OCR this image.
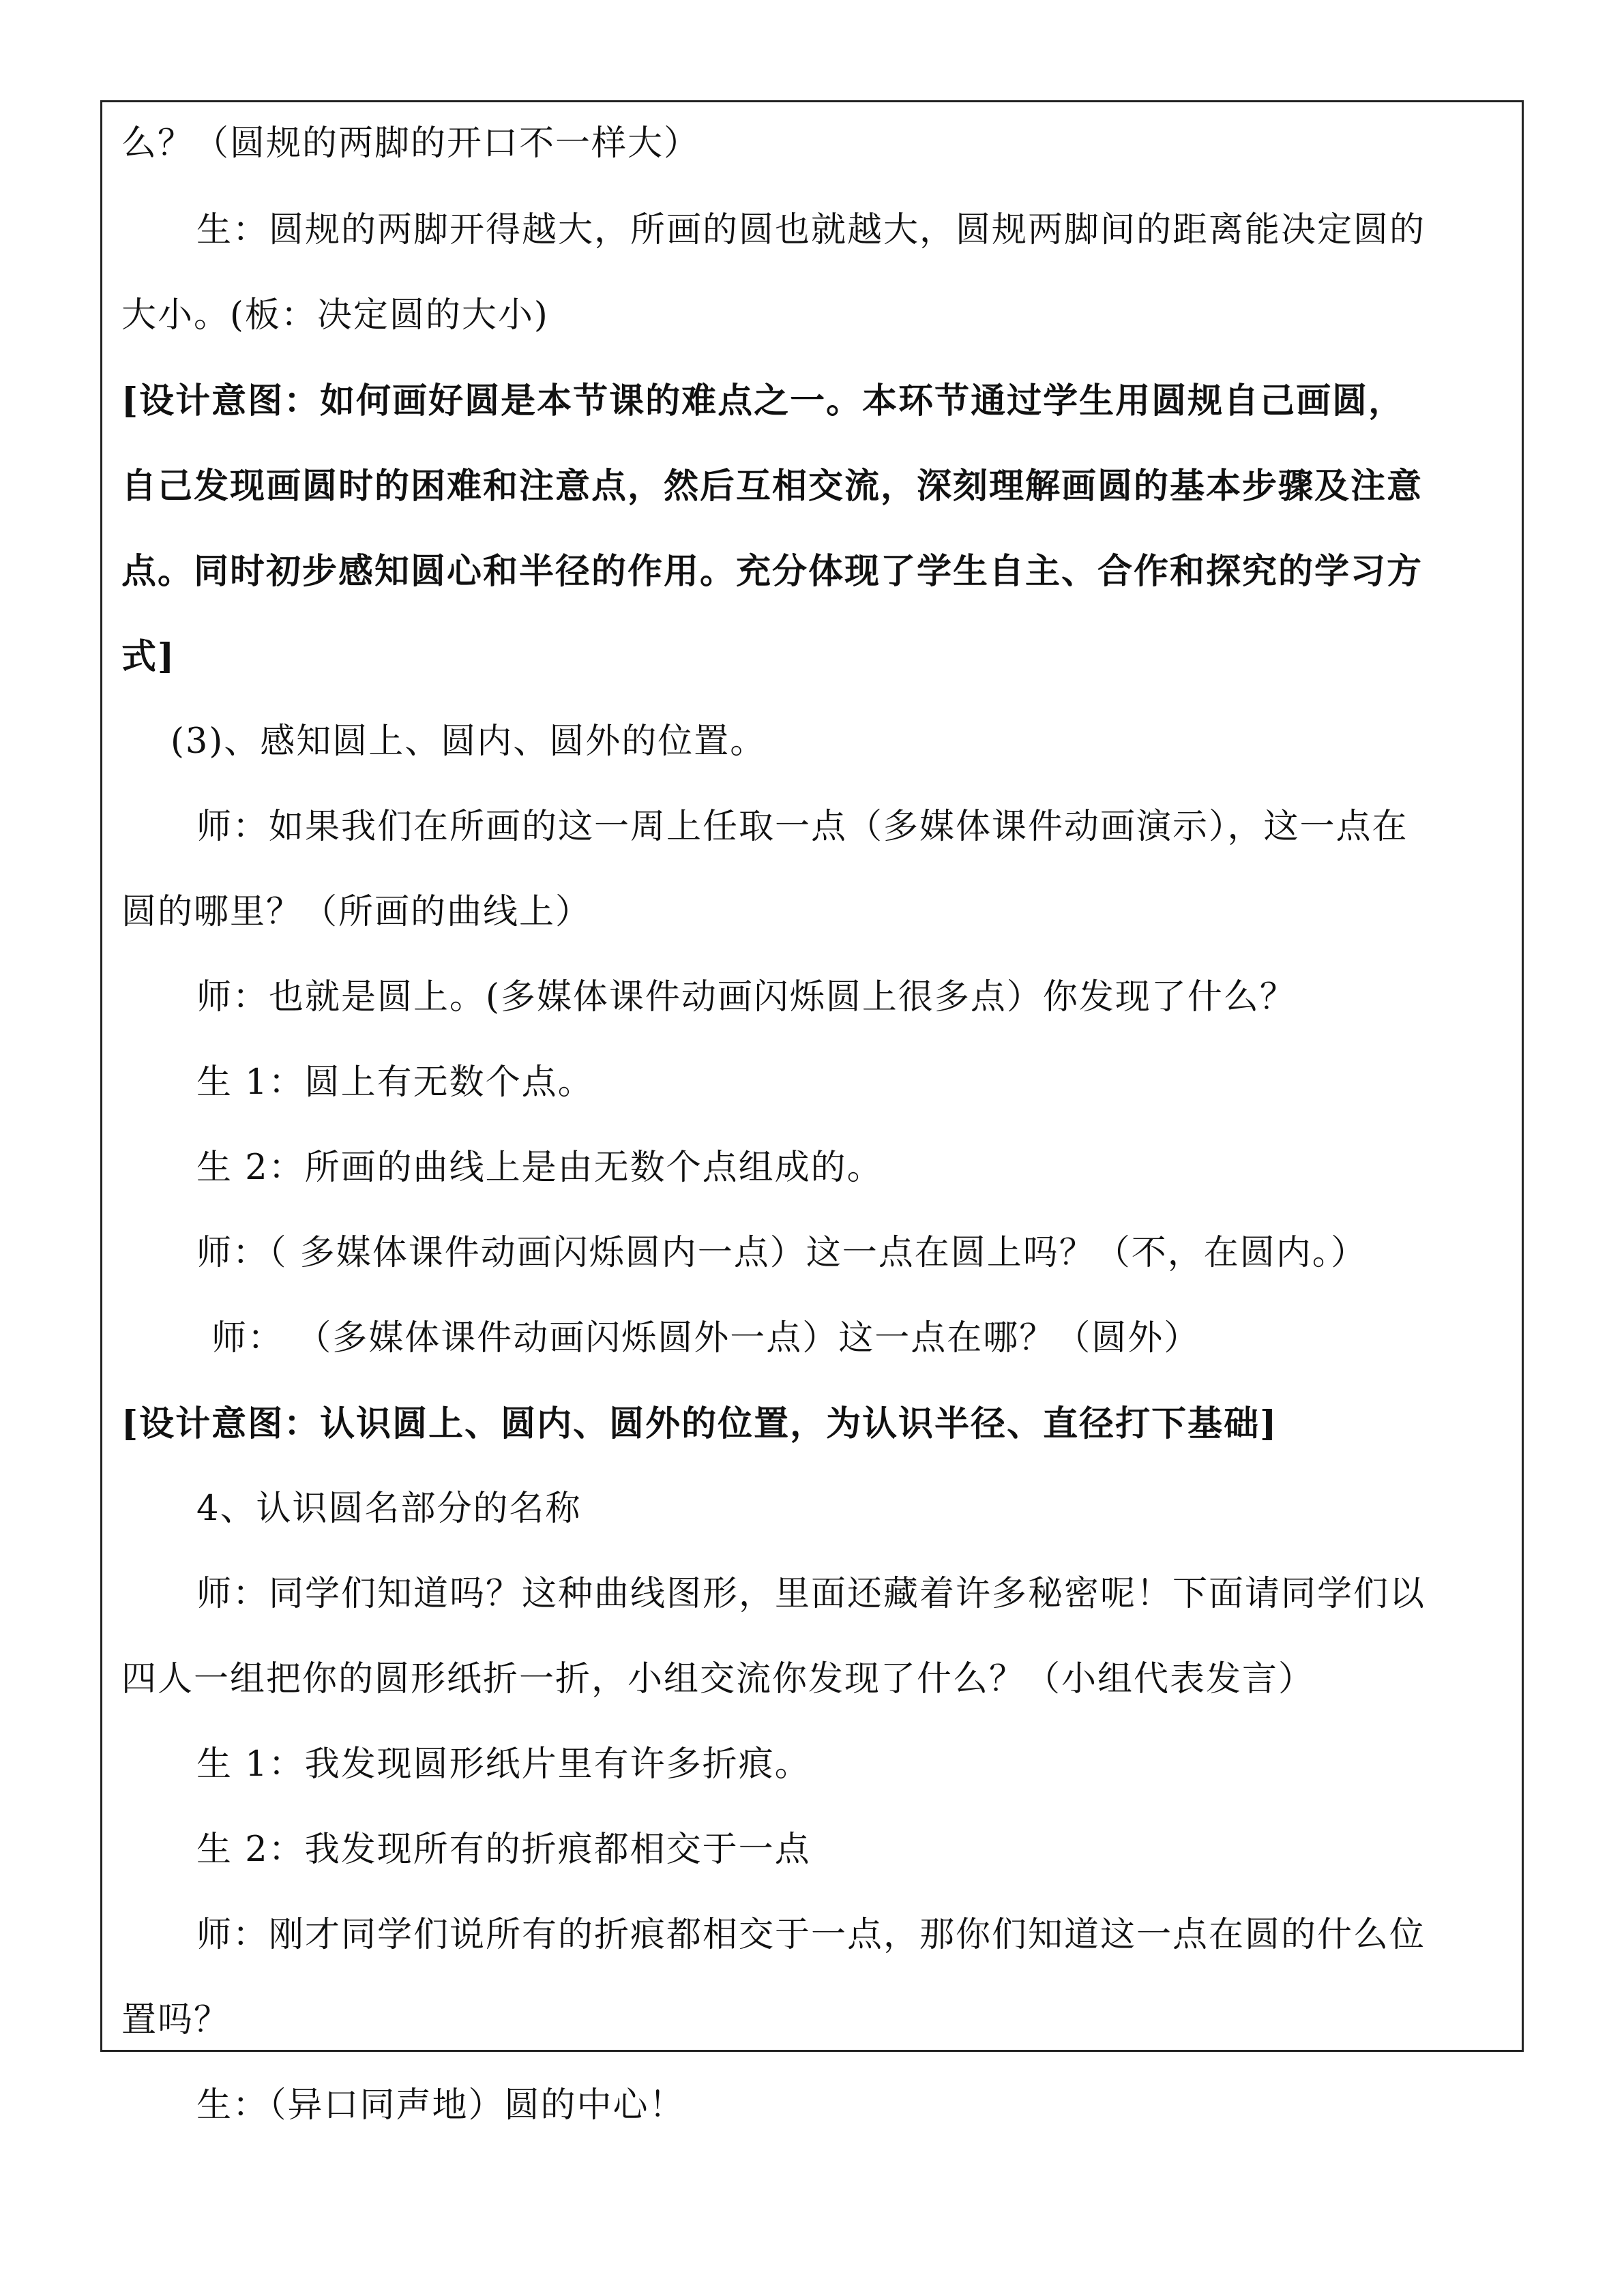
么？（圆规的两脚的开口不一样大）
生：圆规的两脚开得越大，所画的圆也就越大，圆规两脚间的距离能决定圆的
大小。(板：决定圆的大小)
[设计意图：如何画好圆是本节课的难点之一。本环节通过学生用圆规自己画圆，
自己发现画圆时的困难和注意点，然后互相交流，深刻理解画圆的基本步骤及注意
点。同时初步感知圆心和半径的作用。充分体现了学生自主、合作和探究的学习方
式]
(3)、感知圆上、圆内、圆外的位置。
师：如果我们在所画的这一周上任取一点（多媒体课件动画演示），这一点在
圆的哪里？（所画的曲线上）
师：也就是圆上。(多媒体课件动画闪烁圆上很多点）你发现了什么？
生 1：圆上有无数个点。
生 2：所画的曲线上是由无数个点组成的。
师：（ 多媒体课件动画闪烁圆内一点）这一点在圆上吗？（不，在圆内。）
师： （多媒体课件动画闪烁圆外一点）这一点在哪？（圆外）
[设计意图：认识圆上、圆内、圆外的位置，为认识半径、直径打下基础]
4、认识圆名部分的名称
师：同学们知道吗？这种曲线图形，里面还藏着许多秘密呢！下面请同学们以
四人一组把你的圆形纸折一折，小组交流你发现了什么？（小组代表发言）
生 1：我发现圆形纸片里有许多折痕。
生 2：我发现所有的折痕都相交于一点
师：刚才同学们说所有的折痕都相交于一点，那你们知道这一点在圆的什么位
置吗？
生：（异口同声地）圆的中心！
